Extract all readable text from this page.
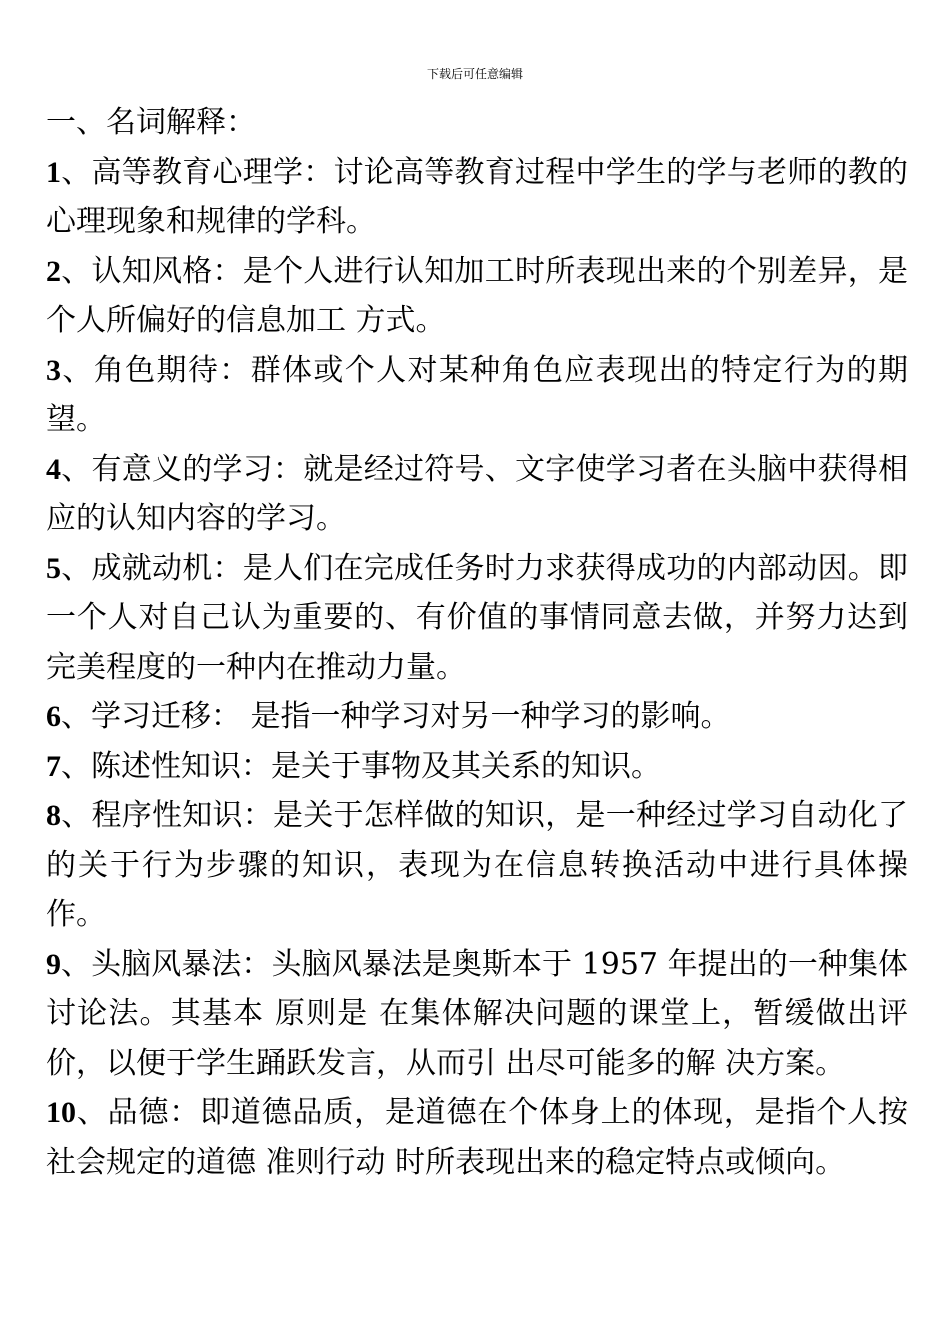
下载后可任意编辑
一、名词解释：

1、高等教育心理学：讨论高等教育过程中学生的学与老师的教的心理现象和规律的学科。

2、认知风格：是个人进行认知加工时所表现出来的个别差异，是个人所偏好的信息加工 方式。

3、角色期待：群体或个人对某种角色应表现出的特定行为的期望。

4、有意义的学习：就是经过符号、文字使学习者在头脑中获得相应的认知内容的学习。

5、成就动机：是人们在完成任务时力求获得成功的内部动因。即一个人对自己认为重要的、有价值的事情同意去做，并努力达到完美程度的一种内在推动力量。

6、学习迁移： 是指一种学习对另一种学习的影响。

7、陈述性知识：是关于事物及其关系的知识。

8、程序性知识：是关于怎样做的知识，是一种经过学习自动化了的关于行为步骤的知识，表现为在信息转换活动中进行具体操作。

9、头脑风暴法：头脑风暴法是奥斯本于 1957 年提出的一种集体讨论法。其基本 原则是 在集体解决问题的课堂上，暂缓做出评价，以便于学生踊跃发言，从而引 出尽可能多的解 决方案。

10、品德：即道德品质，是道德在个体身上的体现，是指个人按社会规定的道德 准则行动 时所表现出来的稳定特点或倾向。
